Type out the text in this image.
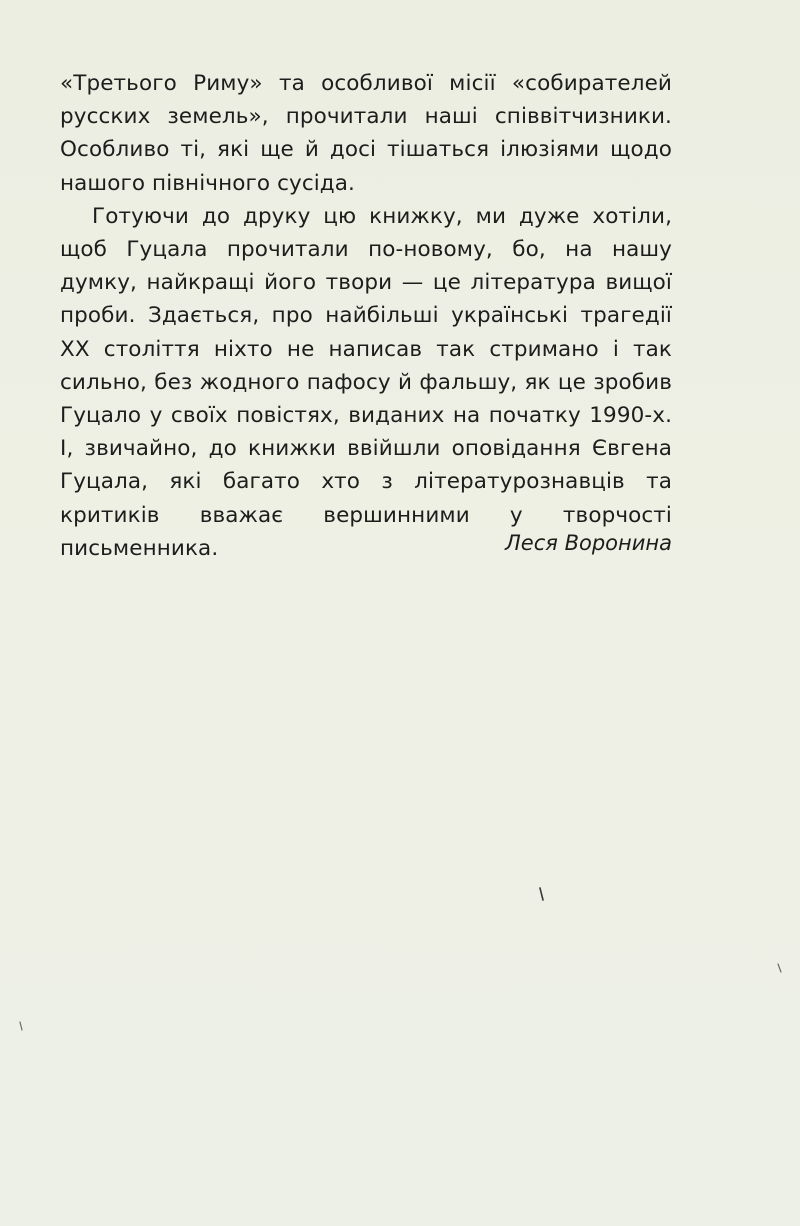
«Третього Риму» та особливої місії «собирателей русских земель», прочитали наші співвітчизники. Особливо ті, які ще й досі тішаться ілюзіями щодо нашого північного сусіда.

Готуючи до друку цю книжку, ми дуже хотіли, щоб Гуцала прочитали по-новому, бо, на нашу думку, найкращі його твори — це література вищої проби. Здається, про найбільші українські трагедії XX століття ніхто не написав так стримано і так сильно, без жодного пафосу й фальшу, як це зробив Гуцало у своїх повістях, виданих на початку 1990-х. І, звичайно, до книжки ввійшли оповідання Євгена Гуцала, які багато хто з літературознавців та критиків вважає вершинними у творчості письменника.	Леся Воронина
